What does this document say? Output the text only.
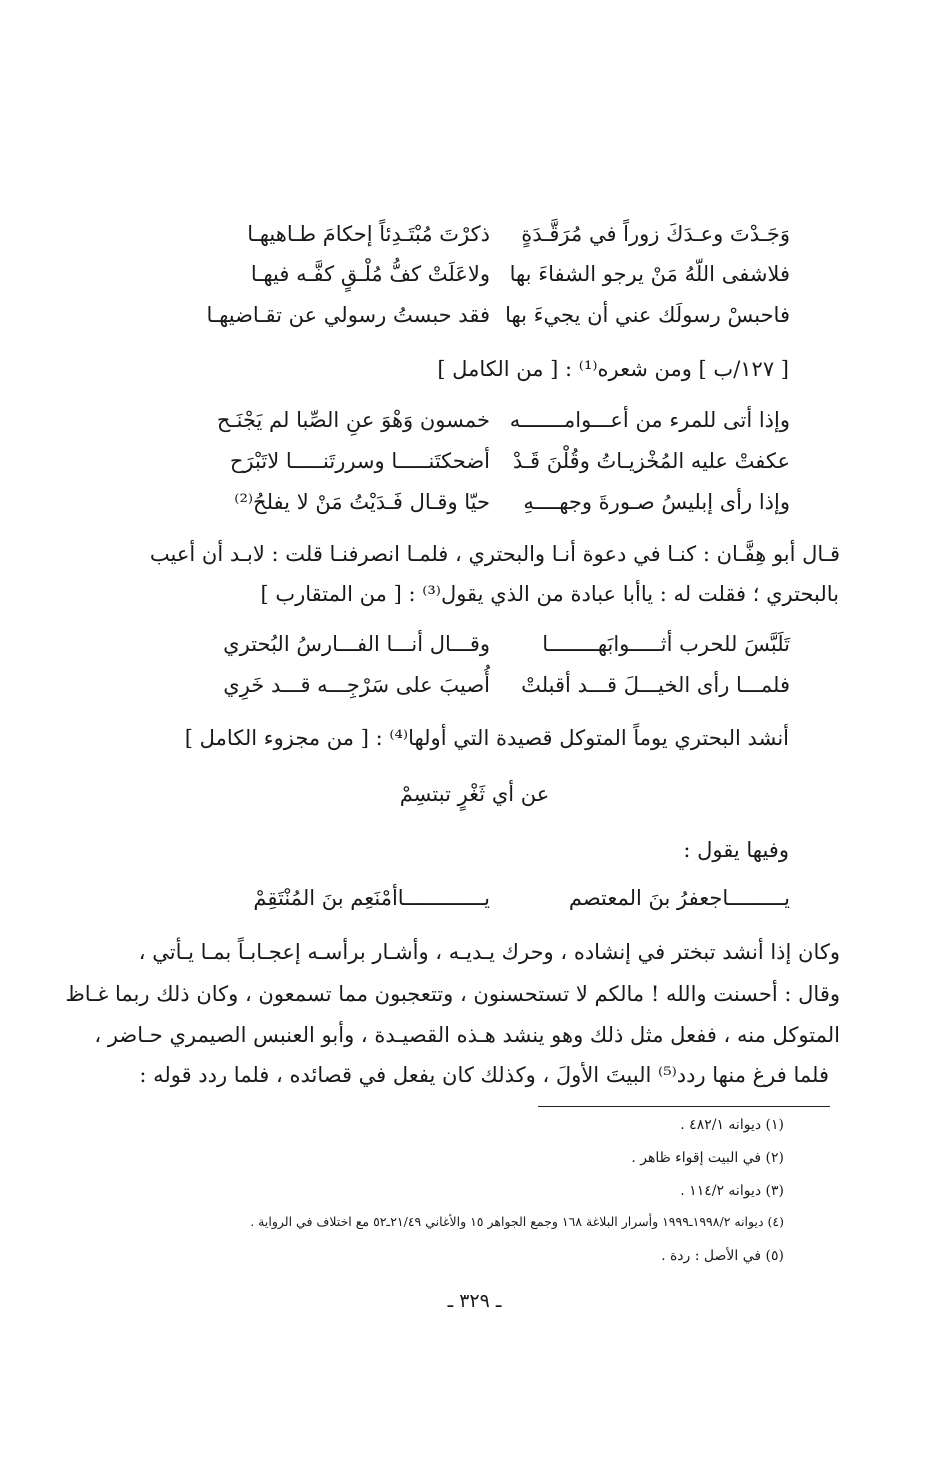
وَجَـدْتَ وعـدَكَ زوراً في مُرَقَّـدَةٍ
ذكرْتَ مُبْتَـدِئاً إحكامَ طـاهيهـا
فلاشفى اللّهُ مَنْ يرجو الشفاءَ بها
ولاعَلَتْ كفُّ مُلْـقٍ كفَّـه فيهـا
فاحبسْ رسولَك عني أن يجيءَ بها
فقد حبستُ رسولي عن تقـاضيهـا
[ ١٢٧/ب ] ومن شعره⁽¹⁾ : [ من الكامل ]
وإذا أتى للمرء من أعـــوامـــــــه
خمسون وَهْوَ عنِ الصِّبا لم يَجْنَـح
عكفتْ عليه المُخْزيـاتُ وقُلْنَ قَـدْ
أضحكتَنـــــا وسررتَنـــــا لاتَبْرَح
وإذا رأى إبليسُ صـورةَ وجهــــهِ
حيّا وقـال فَـدَيْتُ مَنْ لا يفلحُ⁽²⁾
قـال أبو هِفَّـان : كنـا في دعوة أنـا والبحتري ، فلمـا انصرفنـا قلت : لابـد أن أعيب
بالبحتري ؛ فقلت له : ياأبا عبادة من الذي يقول⁽³⁾ : [ من المتقارب ]
تَلَبَّسَ للحرب أثـــــوابَهــــــــا
وقـــال أنـــا الفـــارسُ البُحتري
فلمـــا رأى الخيـــلَ قـــد أقبلتْ
أُصيبَ على سَرْجِـــه قـــد خَرِي
أنشد البحتري يوماً المتوكل قصيدة التي أولها⁽⁴⁾ : [ من مجزوء الكامل ]
عن أي ثَغْرٍ تبتسِمْ
وفيها يقول :
يـــــــــاجعفرُ بنَ المعتصم
يـــــــــــــاأمْنَعِم بنَ المُنْتَقِمْ
وكان إذا أنشد تبختر في إنشاده ، وحرك يـديـه ، وأشـار برأسـه إعجـابـاً بمـا يـأتي ،
وقال : أحسنت والله ! مالكم لا تستحسنون ، وتتعجبون مما تسمعون ، وكان ذلك ربما غـاظ
المتوكل منه ، ففعل مثل ذلك وهو ينشد هـذه القصيـدة ، وأبو العنبس الصيمري حـاضر ،
فلما فرغ منها ردد⁽⁵⁾ البيتَ الأولَ ، وكذلك كان يفعل في قصائده ، فلما ردد قوله :
(١) ديوانه ٤٨٢/١ .
(٢) في البيت إقواء ظاهر .
(٣) ديوانه ١١٤/٢ .
(٤) ديوانه ١٩٩٨/٢ـ١٩٩٩ وأسرار البلاغة ١٦٨ وجمع الجواهر ١٥ والأغاني ٢١/٤٩ـ٥٢ مع اختلاف في الرواية .
(٥) في الأصل : ردة .
ـ ٣٢٩ ـ
